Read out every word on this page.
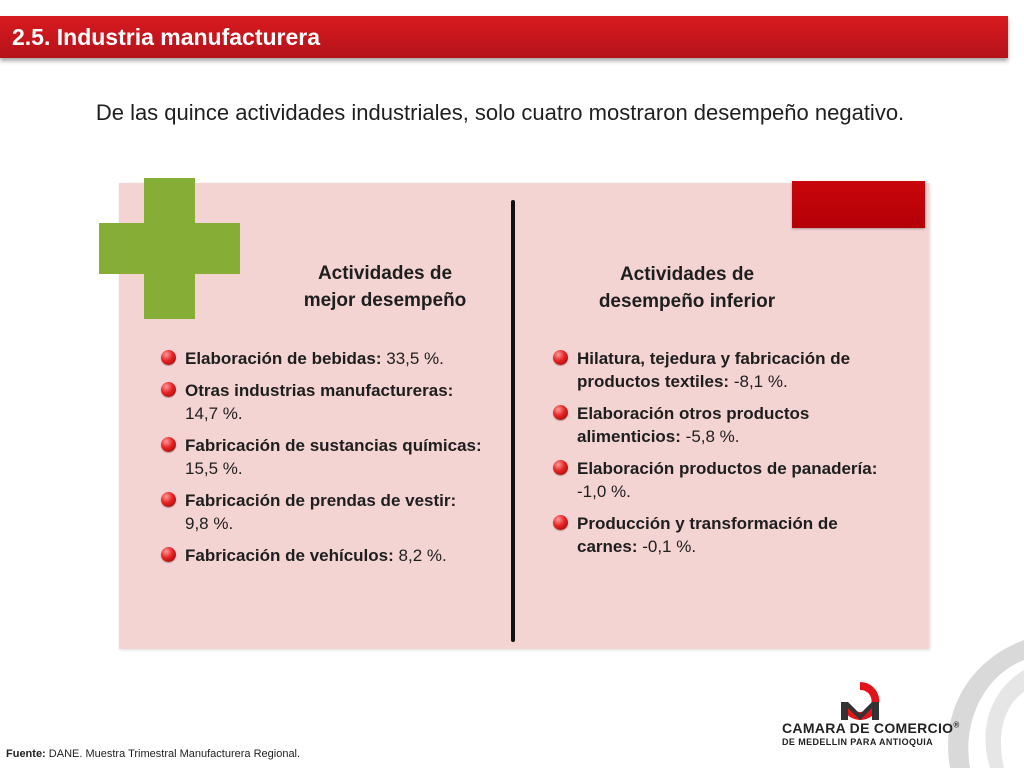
2.5. Industria manufacturera
De las quince actividades industriales, solo cuatro mostraron desempeño negativo.
Actividades de
mejor desempeño
Actividades de
desempeño inferior
Elaboración de bebidas: 33,5 %.
Otras industrias manufactureras:
14,7 %.
Fabricación de sustancias químicas:
15,5 %.
Fabricación de prendas de vestir:
9,8 %.
Fabricación de vehículos: 8,2 %.
Hilatura, tejedura y fabricación de productos textiles: -8,1 %.
Elaboración otros productos alimenticios: -5,8 %.
Elaboración productos de panadería: -1,0 %.
Producción y transformación de carnes: -0,1 %.
CAMARA DE COMERCIO®
DE MEDELLIN PARA ANTIOQUIA
Fuente: DANE. Muestra Trimestral Manufacturera Regional.
